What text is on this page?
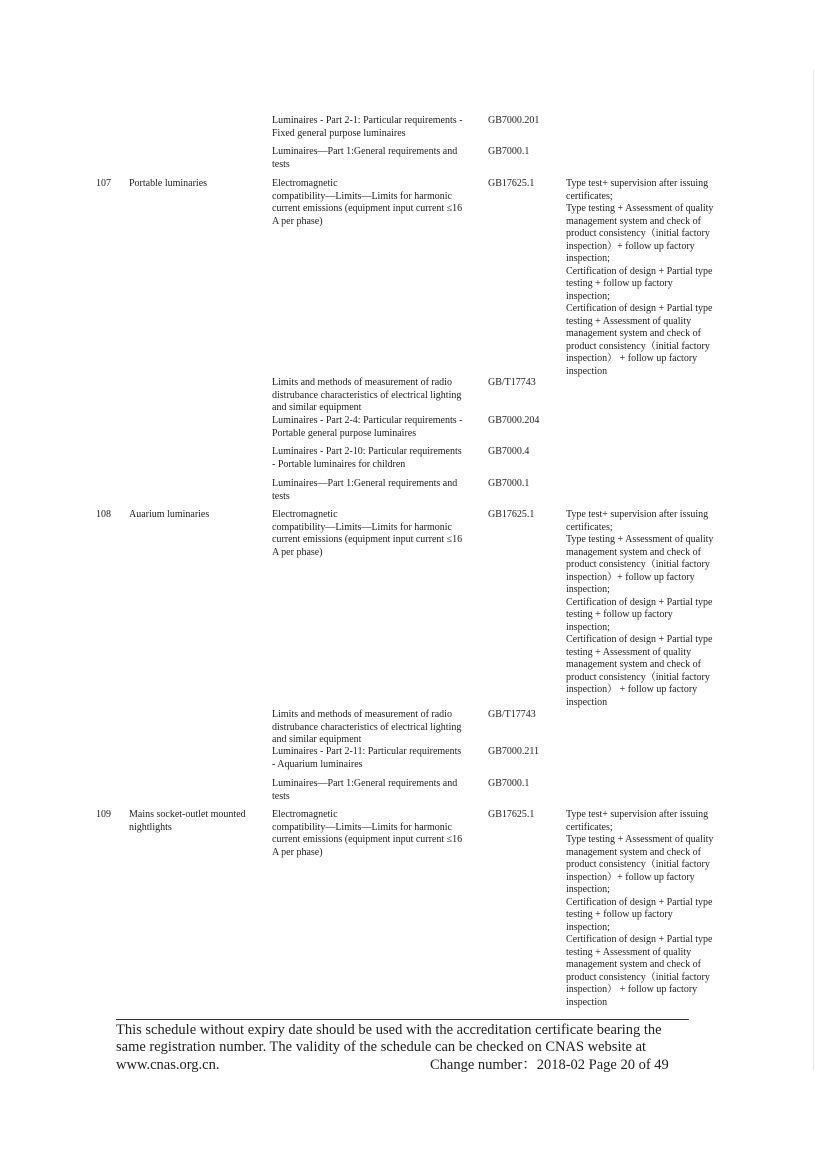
Luminaires - Part 2-1: Particular requirements -
Fixed general purpose luminaires
GB7000.201
Luminaires—Part 1:General requirements and
tests
GB7000.1
107	Portable luminaries	Electromagnetic
compatibility—Limits—Limits for harmonic
current emissions (equipment input current ≤16
A per phase)
GB17625.1	Type test+ supervision after issuing
certificates;
Type testing + Assessment of quality
management system and check of
product consistency（initial factory
inspection）+ follow up factory
inspection;
Certification of design + Partial type
testing + follow up factory
inspection;
Certification of design + Partial type
testing + Assessment of quality
management system and check of
product consistency（initial factory
inspection） + follow up factory
inspection
Limits and methods of measurement of radio
distrubance characteristics of electrical lighting
and similar equipment
GB/T17743
Luminaires - Part 2-4: Particular requirements -
Portable general purpose luminaires
GB7000.204
Luminaires - Part 2-10: Particular requirements
- Portable luminaires for children
GB7000.4
Luminaires—Part 1:General requirements and
tests
GB7000.1
108	Auarium luminaries	Electromagnetic
compatibility—Limits—Limits for harmonic
current emissions (equipment input current ≤16
A per phase)
GB17625.1	Type test+ supervision after issuing
certificates;
Type testing + Assessment of quality
management system and check of
product consistency（initial factory
inspection）+ follow up factory
inspection;
Certification of design + Partial type
testing + follow up factory
inspection;
Certification of design + Partial type
testing + Assessment of quality
management system and check of
product consistency（initial factory
inspection） + follow up factory
inspection
Limits and methods of measurement of radio
distrubance characteristics of electrical lighting
and similar equipment
GB/T17743
Luminaires - Part 2-11: Particular requirements
- Aquarium luminaires
GB7000.211
Luminaires—Part 1:General requirements and
tests
GB7000.1
109	Mains socket-outlet mounted
nightlights
Electromagnetic
compatibility—Limits—Limits for harmonic
current emissions (equipment input current ≤16
A per phase)
GB17625.1	Type test+ supervision after issuing
certificates;
Type testing + Assessment of quality
management system and check of
product consistency（initial factory
inspection）+ follow up factory
inspection;
Certification of design + Partial type
testing + follow up factory
inspection;
Certification of design + Partial type
testing + Assessment of quality
management system and check of
product consistency（initial factory
inspection） + follow up factory
inspection
This schedule without expiry date should be used with the accreditation certificate bearing the
same registration number. The validity of the schedule can be checked on CNAS website at
www.cnas.org.cn.	Change number：2018-02 Page 20 of 49
